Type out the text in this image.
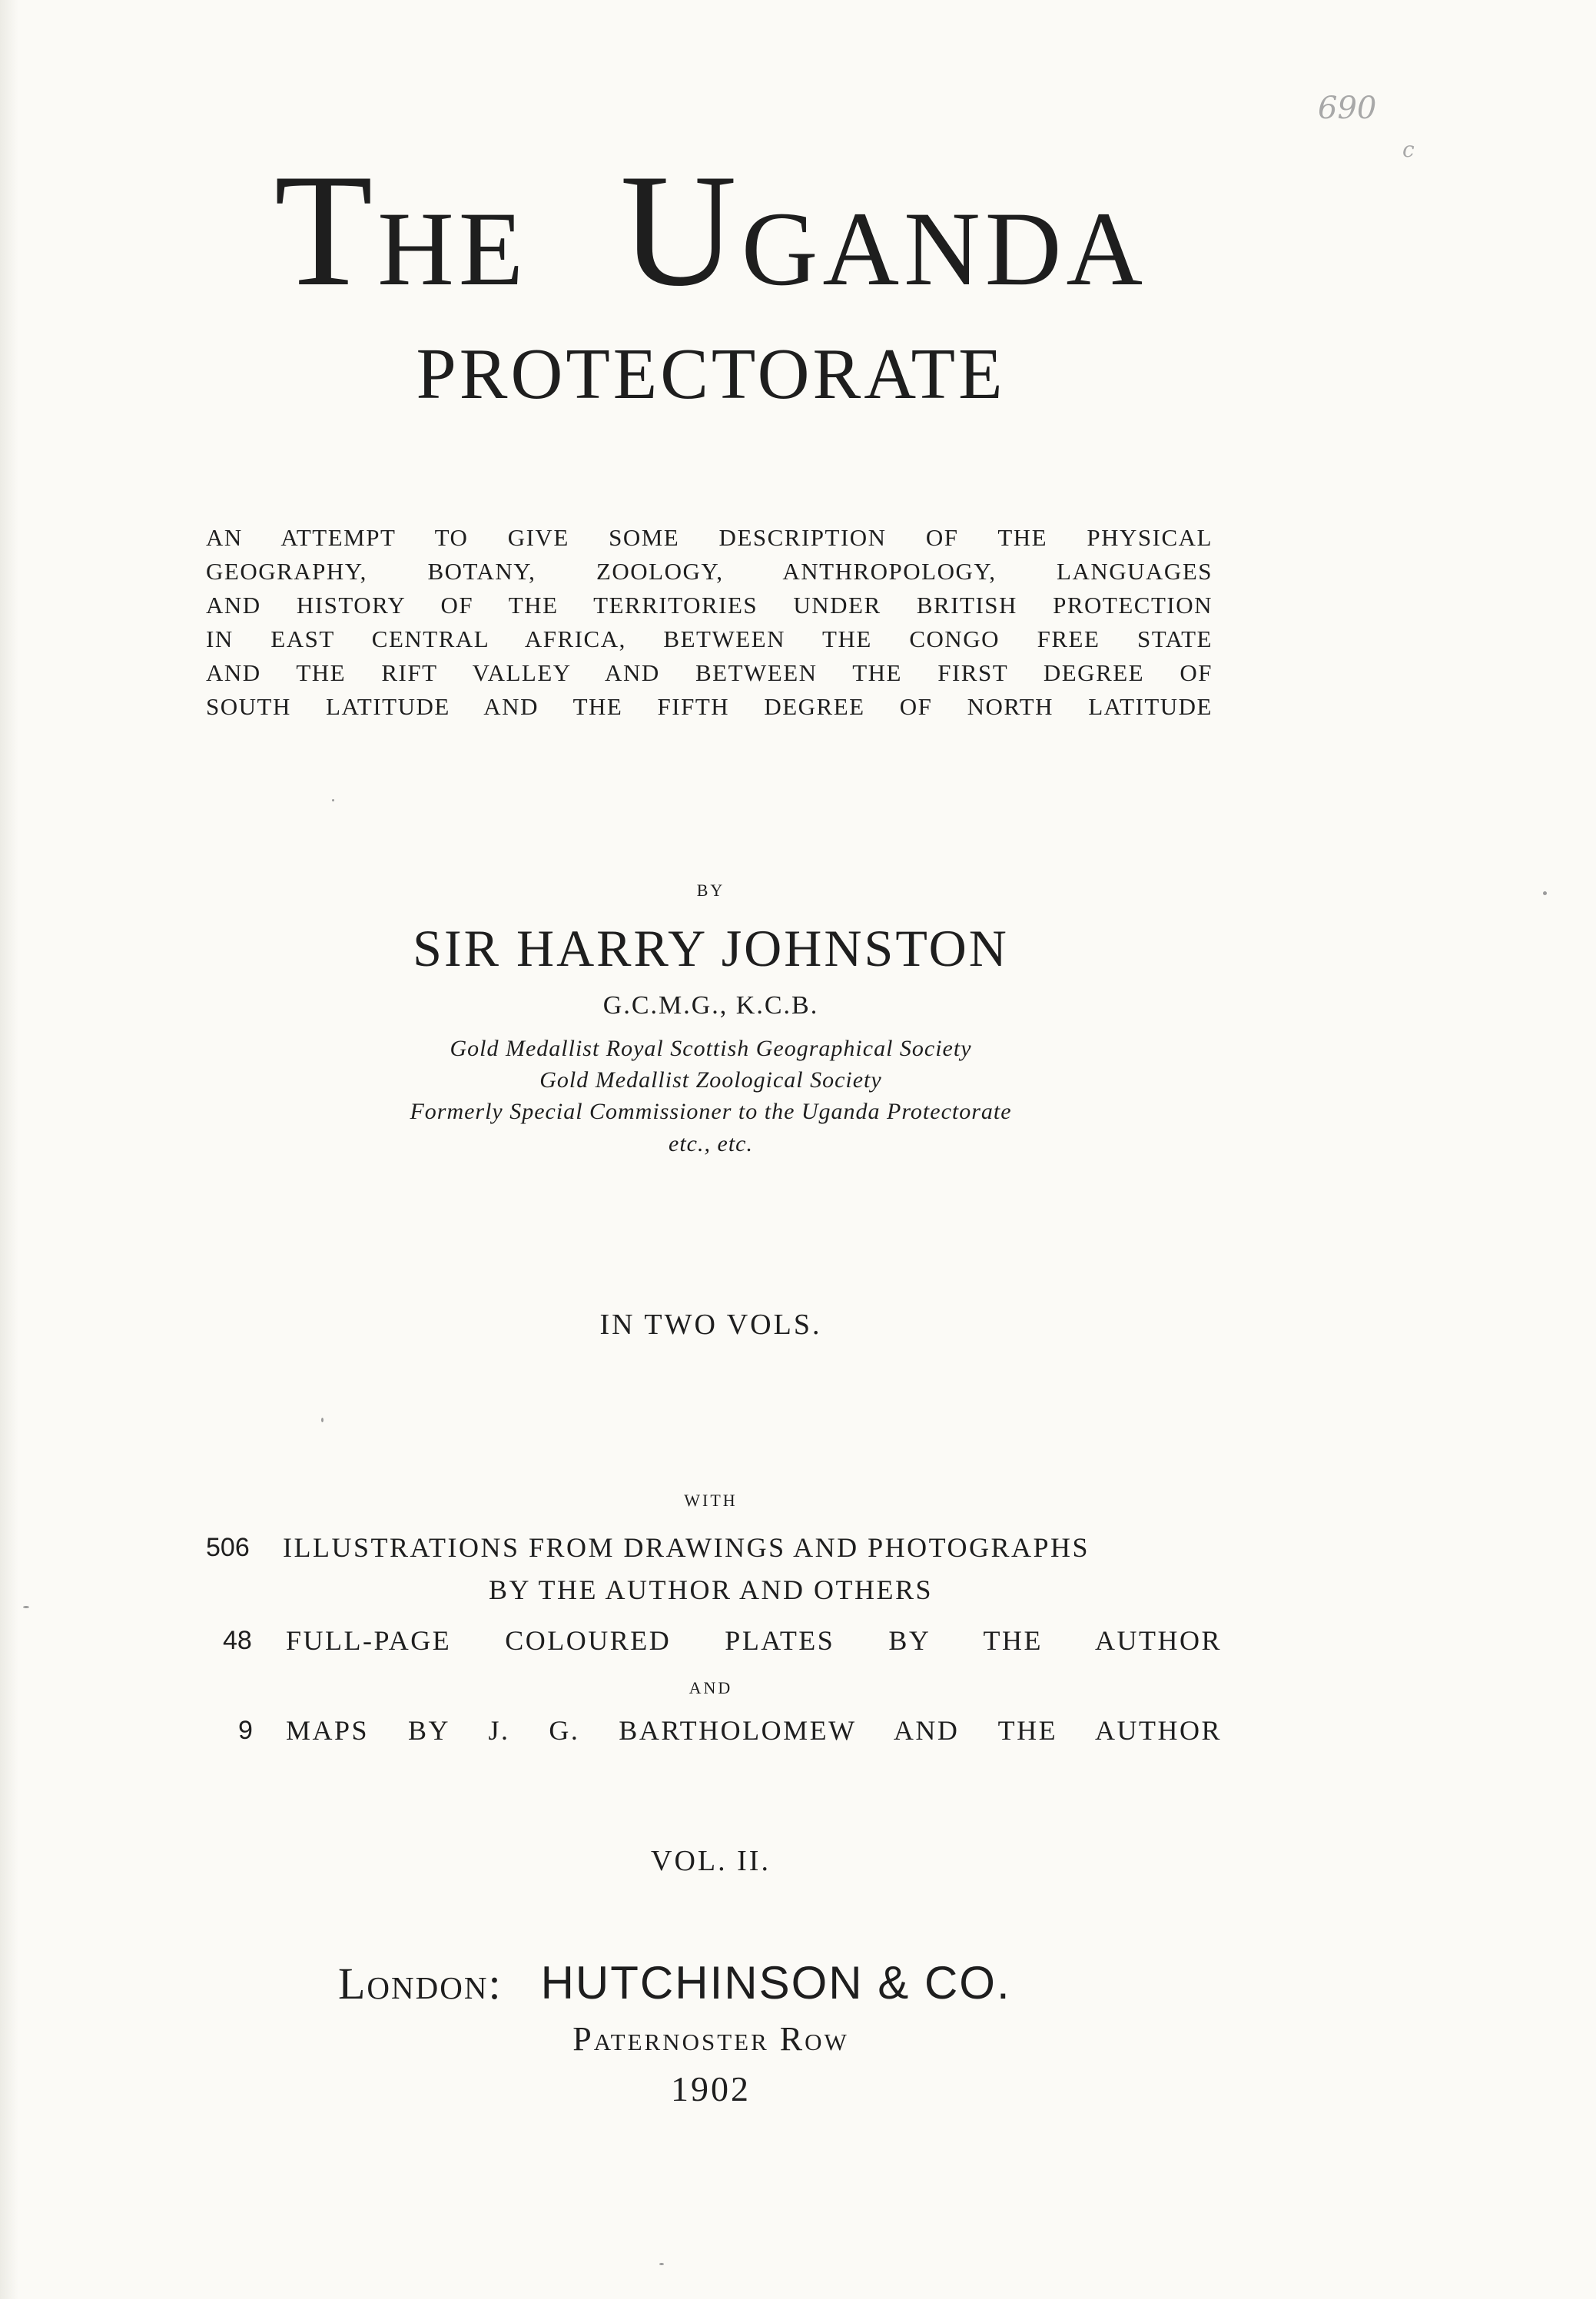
690
c
THE UGANDA
PROTECTORATE
AN ATTEMPT TO GIVE SOME DESCRIPTION OF THE PHYSICAL
GEOGRAPHY, BOTANY, ZOOLOGY, ANTHROPOLOGY, LANGUAGES
AND HISTORY OF THE TERRITORIES UNDER BRITISH PROTECTION
IN EAST CENTRAL AFRICA, BETWEEN THE CONGO FREE STATE
AND THE RIFT VALLEY AND BETWEEN THE FIRST DEGREE OF
SOUTH LATITUDE AND THE FIFTH DEGREE OF NORTH LATITUDE
BY
SIR HARRY JOHNSTON
G.C.M.G., K.C.B.
Gold Medallist Royal Scottish Geographical Society
Gold Medallist Zoological Society
Formerly Special Commissioner to the Uganda Protectorate
etc., etc.
IN TWO VOLS.
WITH
506 ILLUSTRATIONS FROM DRAWINGS AND PHOTOGRAPHS
BY THE AUTHOR AND OTHERS
48 FULL-PAGE COLOURED PLATES BY THE AUTHOR
AND
9 MAPS BY J. G. BARTHOLOMEW AND THE AUTHOR
VOL. II.
London: HUTCHINSON & CO.
Paternoster Row
1902
